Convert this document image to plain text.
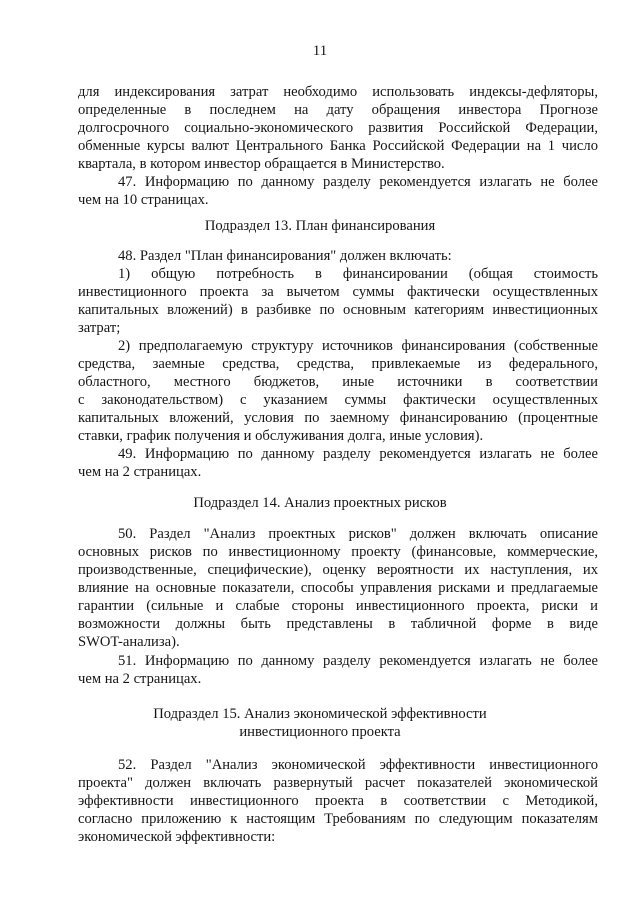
11
для индексирования затрат необходимо использовать индексы-дефляторы,
определенные в последнем на дату обращения инвестора Прогнозе
долгосрочного социально-экономического развития Российской Федерации,
обменные курсы валют Центрального Банка Российской Федерации на 1 число
квартала, в котором инвестор обращается в Министерство.
47. Информацию по данному разделу рекомендуется излагать не более
чем на 10 страницах.
Подраздел 13. План финансирования
48. Раздел "План финансирования" должен включать:
1) общую потребность в финансировании (общая стоимость
инвестиционного проекта за вычетом суммы фактически осуществленных
капитальных вложений) в разбивке по основным категориям инвестиционных
затрат;
2) предполагаемую структуру источников финансирования (собственные
средства, заемные средства, средства, привлекаемые из федерального,
областного, местного бюджетов, иные источники в соответствии
с законодательством) с указанием суммы фактически осуществленных
капитальных вложений, условия по заемному финансированию (процентные
ставки, график получения и обслуживания долга, иные условия).
49. Информацию по данному разделу рекомендуется излагать не более
чем на 2 страницах.
Подраздел 14. Анализ проектных рисков
50. Раздел "Анализ проектных рисков" должен включать описание
основных рисков по инвестиционному проекту (финансовые, коммерческие,
производственные, специфические), оценку вероятности их наступления, их
влияние на основные показатели, способы управления рисками и предлагаемые
гарантии (сильные и слабые стороны инвестиционного проекта, риски и
возможности должны быть представлены в табличной форме в виде
SWOT-анализа).
51. Информацию по данному разделу рекомендуется излагать не более
чем на 2 страницах.
Подраздел 15. Анализ экономической эффективности
инвестиционного проекта
52. Раздел "Анализ экономической эффективности инвестиционного
проекта" должен включать развернутый расчет показателей экономической
эффективности инвестиционного проекта в соответствии с Методикой,
согласно приложению к настоящим Требованиям по следующим показателям
экономической эффективности:
